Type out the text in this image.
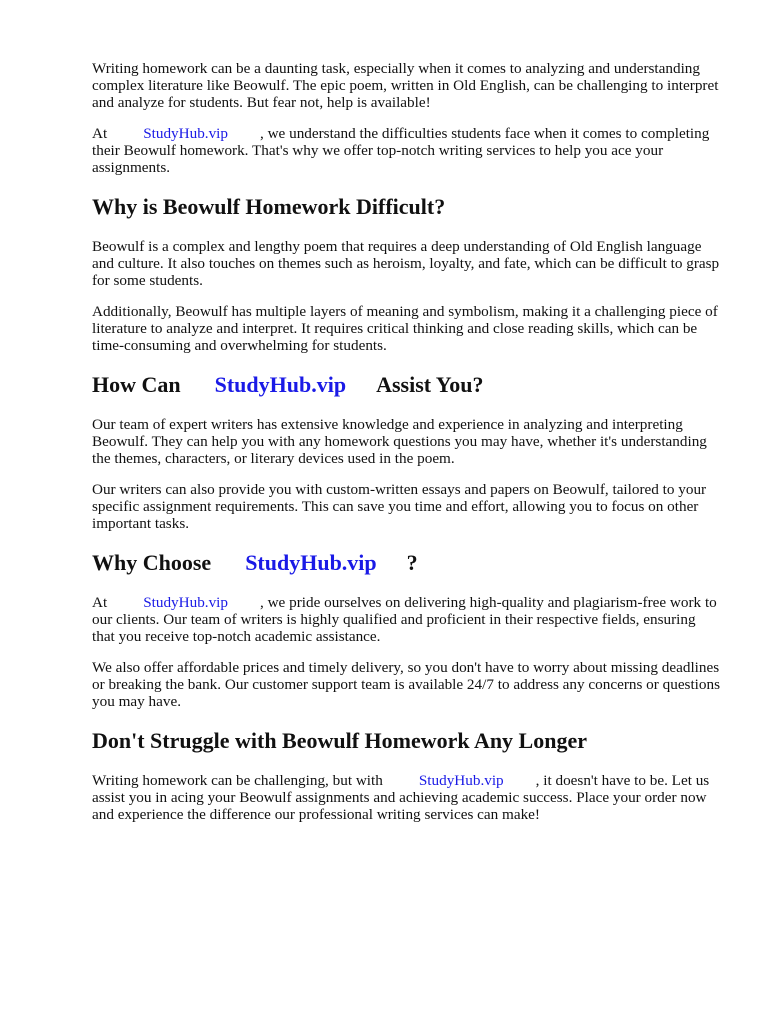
Writing homework can be a daunting task, especially when it comes to analyzing and understanding complex literature like Beowulf. The epic poem, written in Old English, can be challenging to interpret and analyze for students. But fear not, help is available!

At StudyHub.vip , we understand the difficulties students face when it comes to completing their Beowulf homework. That's why we offer top-notch writing services to help you ace your assignments.

Why is Beowulf Homework Difficult?

Beowulf is a complex and lengthy poem that requires a deep understanding of Old English language and culture. It also touches on themes such as heroism, loyalty, and fate, which can be difficult to grasp for some students.

Additionally, Beowulf has multiple layers of meaning and symbolism, making it a challenging piece of literature to analyze and interpret. It requires critical thinking and close reading skills, which can be time-consuming and overwhelming for students.

How Can StudyHub.vip Assist You?

Our team of expert writers has extensive knowledge and experience in analyzing and interpreting Beowulf. They can help you with any homework questions you may have, whether it's understanding the themes, characters, or literary devices used in the poem.

Our writers can also provide you with custom-written essays and papers on Beowulf, tailored to your specific assignment requirements. This can save you time and effort, allowing you to focus on other important tasks.

Why Choose StudyHub.vip ?

At StudyHub.vip , we pride ourselves on delivering high-quality and plagiarism-free work to our clients. Our team of writers is highly qualified and proficient in their respective fields, ensuring that you receive top-notch academic assistance.

We also offer affordable prices and timely delivery, so you don't have to worry about missing deadlines or breaking the bank. Our customer support team is available 24/7 to address any concerns or questions you may have.

Don't Struggle with Beowulf Homework Any Longer

Writing homework can be challenging, but with StudyHub.vip , it doesn't have to be. Let us assist you in acing your Beowulf assignments and achieving academic success. Place your order now and experience the difference our professional writing services can make!
